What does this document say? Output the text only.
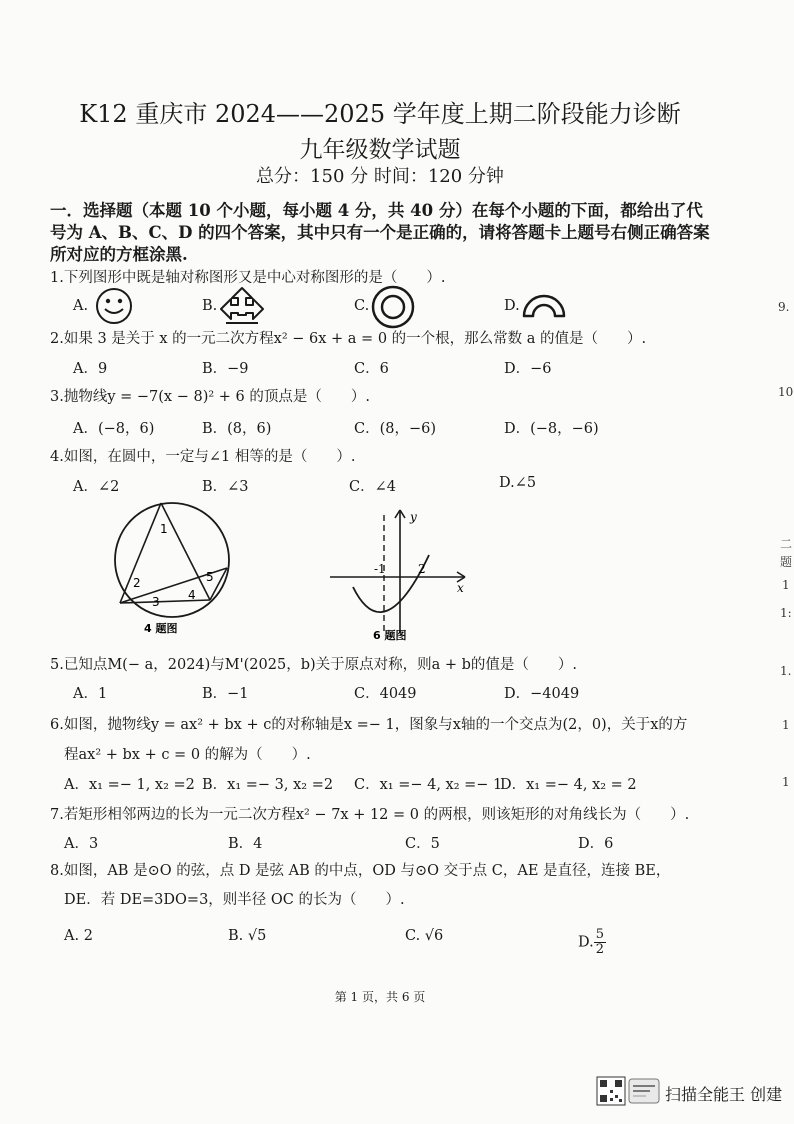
K12 重庆市 2024——2025 学年度上期二阶段能力诊断
九年级数学试题
总分：150 分 时间：120 分钟
一．选择题（本题 10 个小题，每小题 4 分，共 40 分）在每个小题的下面，都给出了代号为 A、B、C、D 的四个答案，其中只有一个是正确的，请将答题卡上题号右侧正确答案所对应的方框涂黑.
1.下列图形中既是轴对称图形又是中心对称图形的是（　　）.
A.	B.	C.	D.
2.如果 3 是关于 x 的一元二次方程x² − 6x + a = 0 的一个根，那么常数 a 的值是（　　）.
A．9	B．−9	C．6	D．−6
3.抛物线y = −7(x − 8)² + 6 的顶点是（　　）.
A．(−8，6)	B．(8，6)	C．(8，−6)	D．(−8，−6)
4.如图，在圆中，一定与∠1 相等的是（　　）.
A．∠2	B．∠3	C．∠4	D.∠5
1
2
3 4
5
4 题图
y
x
-1	2
6 题图
5.已知点M(− a，2024)与M'(2025，b)关于原点对称，则a + b的值是（　　）.
A．1	B．−1	C．4049	D．−4049
6.如图，抛物线y = ax² + bx + c的对称轴是x =− 1，图象与x轴的一个交点为(2，0)，关于x的方
程ax² + bx + c = 0 的解为（　　）.
A．x₁ =− 1, x₂ =2 B．x₁ =− 3, x₂ =2 C．x₁ =− 4, x₂ =− 1
D．x₁ =− 4, x₂ = 2
7.若矩形相邻两边的长为一元二次方程x² − 7x + 12 = 0 的两根，则该矩形的对角线长为（　　）.
A．3	B．4	C．5	D．6
8.如图，AB 是⊙O 的弦，点 D 是弦 AB 的中点，OD 与⊙O 交于点 C，AE 是直径，连接 BE，
DE．若 DE=3DO=3，则半径 OC 的长为（　　）.
A. 2	B. √5	C. √6	D. $\frac{5}{2}$
第 1 页，共 6 页
9.
10
二
题
1
1:
1.
1
1
扫描全能王 创建
